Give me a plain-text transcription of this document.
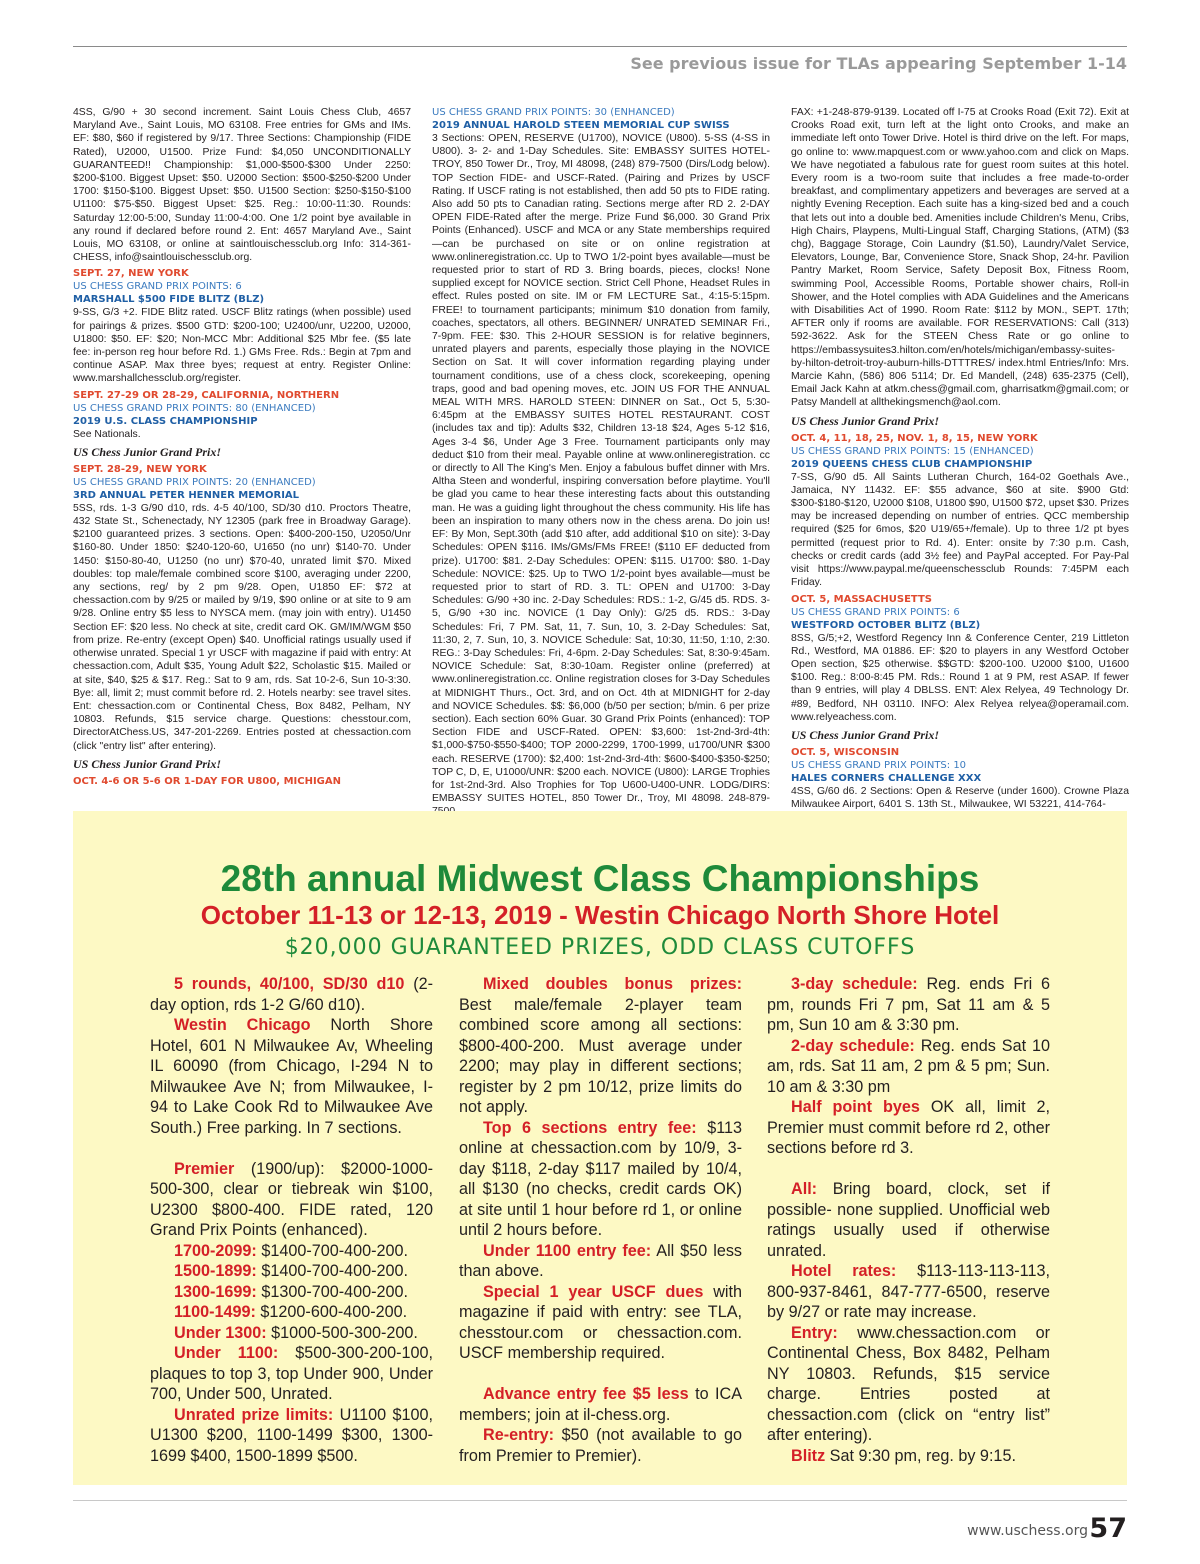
See previous issue for TLAs appearing September 1-14
4SS, G/90 + 30 second increment. Saint Louis Chess Club, 4657 Maryland Ave., Saint Louis, MO 63108. Free entries for GMs and IMs. EF: $80, $60 if registered by 9/17. Three Sections: Championship (FIDE Rated), U2000, U1500. Prize Fund: $4,050 UNCONDITIONALLY GUARANTEED!! Championship: $1,000-$500-$300 Under 2250: $200-$100. Biggest Upset: $50. U2000 Section: $500-$250-$200 Under 1700: $150-$100. Biggest Upset: $50. U1500 Section: $250-$150-$100 U1100: $75-$50. Biggest Upset: $25. Reg.: 10:00-11:30. Rounds: Saturday 12:00-5:00, Sunday 11:00-4:00. One 1/2 point bye available in any round if declared before round 2. Ent: 4657 Maryland Ave., Saint Louis, MO 63108, or online at saintlouischessclub.org Info: 314-361-CHESS, info@saintlouischessclub.org.
SEPT. 27, NEW YORK
US CHESS GRAND PRIX POINTS: 6
MARSHALL $500 FIDE BLITZ (BLZ)
9-SS, G/3 +2. FIDE Blitz rated. USCF Blitz ratings (when possible) used for pairings & prizes. $500 GTD: $200-100; U2400/unr, U2200, U2000, U1800: $50. EF: $20; Non-MCC Mbr: Additional $25 Mbr fee. ($5 late fee: in-person reg hour before Rd. 1.) GMs Free. Rds.: Begin at 7pm and continue ASAP. Max three byes; request at entry. Register Online: www.marshallchessclub.org/register.
SEPT. 27-29 OR 28-29, CALIFORNIA, NORTHERN
US CHESS GRAND PRIX POINTS: 80 (ENHANCED)
2019 U.S. CLASS CHAMPIONSHIP
See Nationals.
US Chess Junior Grand Prix!
SEPT. 28-29, NEW YORK
US CHESS GRAND PRIX POINTS: 20 (ENHANCED)
3RD ANNUAL PETER HENNER MEMORIAL
5SS, rds. 1-3 G/90 d10, rds. 4-5 40/100, SD/30 d10. Proctors Theatre, 432 State St., Schenectady, NY 12305 (park free in Broadway Garage). $2100 guaranteed prizes. 3 sections. Open: $400-200-150, U2050/Unr $160-80. Under 1850: $240-120-60, U1650 (no unr) $140-70. Under 1450: $150-80-40, U1250 (no unr) $70-40, unrated limit $70. Mixed doubles: top male/female combined score $100, averaging under 2200, any sections, reg/ by 2 pm 9/28. Open, U1850 EF: $72 at chessaction.com by 9/25 or mailed by 9/19, $90 online or at site to 9 am 9/28. Online entry $5 less to NYSCA mem. (may join with entry). U1450 Section EF: $20 less. No check at site, credit card OK. GM/IM/WGM $50 from prize. Re-entry (except Open) $40. Unofficial ratings usually used if otherwise unrated. Special 1 yr USCF with magazine if paid with entry: At chessaction.com, Adult $35, Young Adult $22, Scholastic $15. Mailed or at site, $40, $25 & $17. Reg.: Sat to 9 am, rds. Sat 10-2-6, Sun 10-3:30. Bye: all, limit 2; must commit before rd. 2. Hotels nearby: see travel sites. Ent: chessaction.com or Continental Chess, Box 8482, Pelham, NY 10803. Refunds, $15 service charge. Questions: chesstour.com, DirectorAtChess.US, 347-201-2269. Entries posted at chessaction.com (click "entry list" after entering).
US Chess Junior Grand Prix!
OCT. 4-6 OR 5-6 OR 1-DAY FOR U800, MICHIGAN
US CHESS GRAND PRIX POINTS: 30 (ENHANCED)
2019 ANNUAL HAROLD STEEN MEMORIAL CUP SWISS
3 Sections: OPEN, RESERVE (U1700), NOVICE (U800). 5-SS (4-SS in U800). 3- 2- and 1-Day Schedules. Site: EMBASSY SUITES HOTEL-TROY, 850 Tower Dr., Troy, MI 48098, (248) 879-7500 (Dirs/Lodg below). TOP Section FIDE- and USCF-Rated. (Pairing and Prizes by USCF Rating. If USCF rating is not established, then add 50 pts to FIDE rating. Also add 50 pts to Canadian rating. Sections merge after RD 2. 2-DAY OPEN FIDE-Rated after the merge. Prize Fund $6,000. 30 Grand Prix Points (Enhanced). USCF and MCA or any State memberships required—can be purchased on site or on online registration at www.onlineregistration.cc. Up to TWO 1/2-point byes available—must be requested prior to start of RD 3. Bring boards, pieces, clocks! None supplied except for NOVICE section. Strict Cell Phone, Headset Rules in effect. Rules posted on site. IM or FM LECTURE Sat., 4:15-5:15pm. FREE! to tournament participants; minimum $10 donation from family, coaches, spectators, all others. BEGINNER/ UNRATED SEMINAR Fri., 7-9pm. FEE: $30. This 2-HOUR SESSION is for relative beginners, unrated players and parents, especially those playing in the NOVICE Section on Sat. It will cover information regarding playing under tournament conditions, use of a chess clock, scorekeeping, opening traps, good and bad opening moves, etc. JOIN US FOR THE ANNUAL MEAL WITH MRS. HAROLD STEEN: DINNER on Sat., Oct 5, 5:30-6:45pm at the EMBASSY SUITES HOTEL RESTAURANT. COST (includes tax and tip): Adults $32, Children 13-18 $24, Ages 5-12 $16, Ages 3-4 $6, Under Age 3 Free. Tournament participants only may deduct $10 from their meal. Payable online at www.onlineregistration. cc or directly to All The King's Men. Enjoy a fabulous buffet dinner with Mrs. Altha Steen and wonderful, inspiring conversation before playtime. You'll be glad you came to hear these interesting facts about this outstanding man. He was a guiding light throughout the chess community. His life has been an inspiration to many others now in the chess arena. Do join us! EF: By Mon, Sept.30th (add $10 after, add additional $10 on site): 3-Day Schedules: OPEN $116. IMs/GMs/FMs FREE! ($110 EF deducted from prize). U1700: $81. 2-Day Schedules: OPEN: $115. U1700: $80. 1-Day Schedule: NOVICE: $25. Up to TWO 1/2-point byes available—must be requested prior to start of RD. 3. TL: OPEN and U1700: 3-Day Schedules: G/90 +30 inc. 2-Day Schedules: RDS.: 1-2, G/45 d5. RDS. 3-5, G/90 +30 inc. NOVICE (1 Day Only): G/25 d5. RDS.: 3-Day Schedules: Fri, 7 PM. Sat, 11, 7. Sun, 10, 3. 2-Day Schedules: Sat, 11:30, 2, 7. Sun, 10, 3. NOVICE Schedule: Sat, 10:30, 11:50, 1:10, 2:30. REG.: 3-Day Schedules: Fri, 4-6pm. 2-Day Schedules: Sat, 8:30-9:45am. NOVICE Schedule: Sat, 8:30-10am. Register online (preferred) at www.onlineregistration.cc. Online registration closes for 3-Day Schedules at MIDNIGHT Thurs., Oct. 3rd, and on Oct. 4th at MIDNIGHT for 2-day and NOVICE Schedules. $$: $6,000 (b/50 per section; b/min. 6 per prize section). Each section 60% Guar. 30 Grand Prix Points (enhanced): TOP Section FIDE and USCF-Rated. OPEN: $3,600: 1st-2nd-3rd-4th: $1,000-$750-$550-$400; TOP 2000-2299, 1700-1999, u1700/UNR $300 each. RESERVE (1700): $2,400: 1st-2nd-3rd-4th: $600-$400-$350-$250; TOP C, D, E, U1000/UNR: $200 each. NOVICE (U800): LARGE Trophies for 1st-2nd-3rd. Also Trophies for Top U600-U400-UNR. LODG/DIRS: EMBASSY SUITES HOTEL, 850 Tower Dr., Troy, MI 48098. 248-879-
FAX: +1-248-879-9139. Located off I-75 at Crooks Road (Exit 72). Exit at Crooks Road exit, turn left at the light onto Crooks, and make an immediate left onto Tower Drive. Hotel is third drive on the left. For maps, go online to: www.mapquest.com or www.yahoo.com and click on Maps. We have negotiated a fabulous rate for guest room suites at this hotel. Every room is a two-room suite that includes a free made-to-order breakfast, and complimentary appetizers and beverages are served at a nightly Evening Reception. Each suite has a king-sized bed and a couch that lets out into a double bed. Amenities include Children's Menu, Cribs, High Chairs, Playpens, Multi-Lingual Staff, Charging Stations, (ATM) ($3 chg), Baggage Storage, Coin Laundry ($1.50), Laundry/Valet Service, Elevators, Lounge, Bar, Convenience Store, Snack Shop, 24-hr. Pavilion Pantry Market, Room Service, Safety Deposit Box, Fitness Room, swimming Pool, Accessible Rooms, Portable shower chairs, Roll-in Shower, and the Hotel complies with ADA Guidelines and the Americans with Disabilities Act of 1990. Room Rate: $112 by MON., SEPT. 17th; AFTER only if rooms are available. FOR RESERVATIONS: Call (313) 592-3622. Ask for the STEEN Chess Rate or go online to https://embassysuites3.hilton.com/en/hotels/michigan/embassy-suites-by-hilton-detroit-troy-auburn-hills-DTTTRES/ index.html Entries/Info: Mrs. Marcie Kahn, (586) 806 5114; Dr. Ed Mandell, (248) 635-2375 (Cell), Email Jack Kahn at atkm.chess@gmail.com, gharrisatkm@gmail.com; or Patsy Mandell at allthekingsmench@aol.com.
US Chess Junior Grand Prix!
OCT. 4, 11, 18, 25, NOV. 1, 8, 15, NEW YORK
US CHESS GRAND PRIX POINTS: 15 (ENHANCED)
2019 QUEENS CHESS CLUB CHAMPIONSHIP
7-SS, G/90 d5. All Saints Lutheran Church, 164-02 Goethals Ave., Jamaica, NY 11432. EF: $55 advance, $60 at site. $900 Gtd: $300-$180-$120, U2000 $108, U1800 $90, U1500 $72, upset $30. Prizes may be increased depending on number of entries. QCC membership required ($25 for 6mos, $20 U19/65+/female). Up to three 1/2 pt byes permitted (request prior to Rd. 4). Enter: onsite by 7:30 p.m. Cash, checks or credit cards (add 3½ fee) and PayPal accepted. For Pay-Pal visit https://www.paypal.me/queenschessclub Rounds: 7:45PM each Friday.
OCT. 5, MASSACHUSETTS
US CHESS GRAND PRIX POINTS: 6
WESTFORD OCTOBER BLITZ (BLZ)
8SS, G/5;+2, Westford Regency Inn & Conference Center, 219 Littleton Rd., Westford, MA 01886. EF: $20 to players in any Westford October Open section, $25 otherwise. $$GTD: $200-100. U2000 $100, U1600 $100. Reg.: 8:00-8:45 PM. Rds.: Round 1 at 9 PM, rest ASAP. If fewer than 9 entries, will play 4 DBLSS. ENT: Alex Relyea, 49 Technology Dr. #89, Bedford, NH 03110. INFO: Alex Relyea relyea@operamail.com. www.relyeachess.com.
US Chess Junior Grand Prix!
OCT. 5, WISCONSIN
US CHESS GRAND PRIX POINTS: 10
HALES CORNERS CHALLENGE XXX
4SS, G/60 d6. 2 Sections: Open & Reserve (under 1600). Crowne Plaza Milwaukee Airport, 6401 S. 13th St., Milwaukee, WI 53221, 414-764-
28th annual Midwest Class Championships
October 11-13 or 12-13, 2019 - Westin Chicago North Shore Hotel
$20,000 GUARANTEED PRIZES, ODD CLASS CUTOFFS
5 rounds, 40/100, SD/30 d10 (2-day option, rds 1-2 G/60 d10).
Westin Chicago North Shore Hotel, 601 N Milwaukee Av, Wheeling IL 60090 (from Chicago, I-294 N to Milwaukee Ave N; from Milwaukee, I-94 to Lake Cook Rd to Milwaukee Ave South.) Free parking. In 7 sections.
Premier (1900/up): $2000-1000-500-300, clear or tiebreak win $100, U2300 $800-400. FIDE rated, 120 Grand Prix Points (enhanced).
1700-2099: $1400-700-400-200.
1500-1899: $1400-700-400-200.
1300-1699: $1300-700-400-200.
1100-1499: $1200-600-400-200.
Under 1300: $1000-500-300-200.
Under 1100: $500-300-200-100, plaques to top 3, top Under 900, Under 700, Under 500, Unrated.
Unrated prize limits: U1100 $100, U1300 $200, 1100-1499 $300, 1300-1699 $400, 1500-1899 $500.
Mixed doubles bonus prizes: Best male/female 2-player team combined score among all sections: $800-400-200. Must average under 2200; may play in different sections; register by 2 pm 10/12, prize limits do not apply.
Top 6 sections entry fee: $113 online at chessaction.com by 10/9, 3-day $118, 2-day $117 mailed by 10/4, all $130 (no checks, credit cards OK) at site until 1 hour before rd 1, or online until 2 hours before.
Under 1100 entry fee: All $50 less than above.
Special 1 year USCF dues with magazine if paid with entry: see TLA, chesstour.com or chessaction.com. USCF membership required.
Advance entry fee $5 less to ICA members; join at il-chess.org.
Re-entry: $50 (not available to go from Premier to Premier).
3-day schedule: Reg. ends Fri 6 pm, rounds Fri 7 pm, Sat 11 am & 5 pm, Sun 10 am & 3:30 pm.
2-day schedule: Reg. ends Sat 10 am, rds. Sat 11 am, 2 pm & 5 pm; Sun. 10 am & 3:30 pm
Half point byes OK all, limit 2, Premier must commit before rd 2, other sections before rd 3.
All: Bring board, clock, set if possible- none supplied. Unofficial web ratings usually used if otherwise unrated.
Hotel rates: $113-113-113-113, 800-937-8461, 847-777-6500, reserve by 9/27 or rate may increase.
Entry: www.chessaction.com or Continental Chess, Box 8482, Pelham NY 10803. Refunds, $15 service charge. Entries posted at chessaction.com (click on “entry list” after entering).
Blitz Sat 9:30 pm, reg. by 9:15.
www.uschess.org 57
